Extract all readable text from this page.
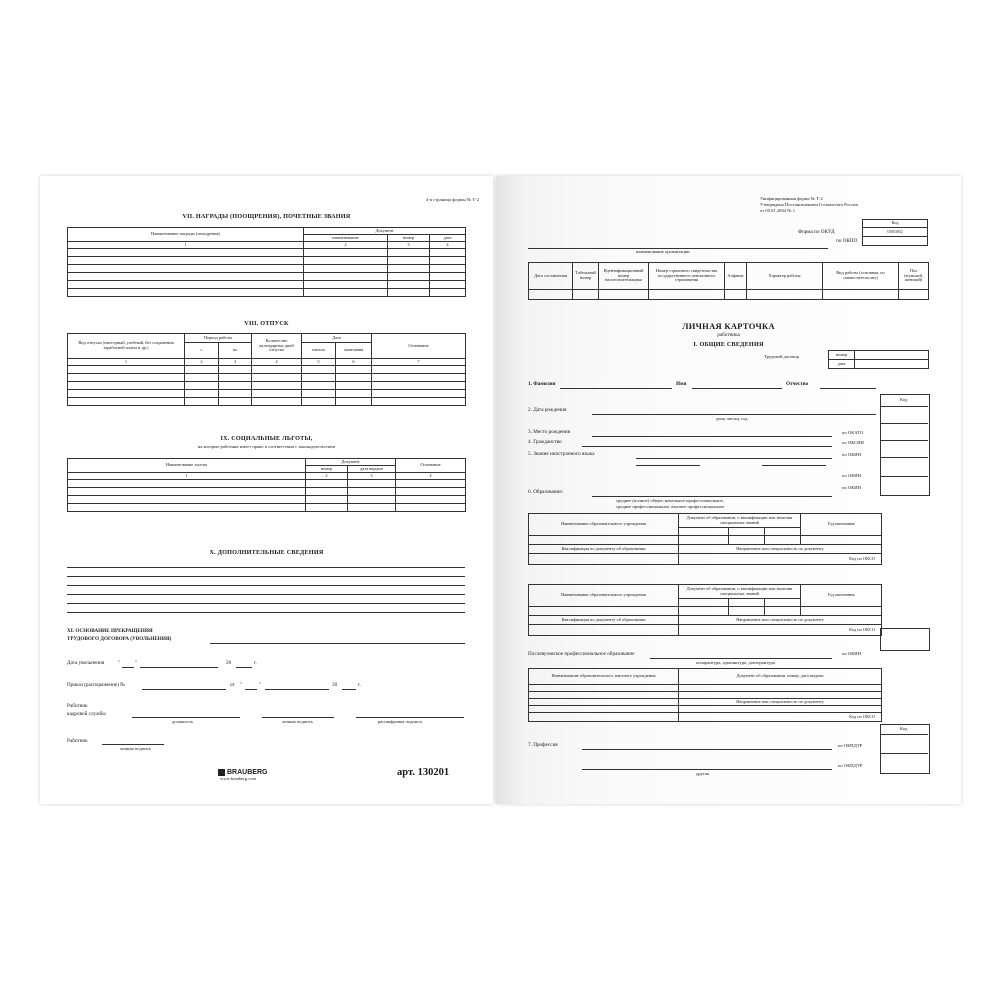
4-я страница формы № Т-2
VII. НАГРАДЫ (ПООЩРЕНИЯ), ПОЧЕТНЫЕ ЗВАНИЯ
Наименование награды (поощрения)	Документ		
	наименование	номер	дата
1	2	3	4

VIII. ОТПУСК
Вид отпуска (ежегодный, учебный, без сохранения заработной платы и др.)	Период работы		Количество календарных дней отпуска	Дата		Основание
	с	по		начала	окончания	
1	2	3	4	5	6	7

IX. СОЦИАЛЬНЫЕ ЛЬГОТЫ,
на которые работник имеет право в соответствии с законодательством
Наименование льготы	Документ		Основание
	номер	дата выдачи	
1	2	3	4

X. ДОПОЛНИТЕЛЬНЫЕ СВЕДЕНИЯ
XI. ОСНОВАНИЕ ПРЕКРАЩЕНИЯ
ТРУДОВОГО ДОГОВОРА (УВОЛЬНЕНИЯ)
Дата увольнения	"	"	20	г.
Приказ (распоряжение) №	от "	"	20	г.
Работник
кадровой службы
должность	личная подпись	расшифровка подписи
Работник
личная подпись
BRAUBERG
www.brauberg.com
арт. 130201
Унифицированная форма № Т-2
Утверждена Постановлением Госкомстата России
от 05.01.2004 № 1
Код
0301002

Форма по ОКУД
по ОКПО
наименование организации
Дата составления	Табельный номер	Идентификационный номер налогоплательщика	Номер страхового свидетельства государственного пенсионного страхования	Алфавит	Характер работы	Вид работы (основная, по совместительству)	Пол (мужской, женский)

ЛИЧНАЯ КАРТОЧКА
работника
I. ОБЩИЕ СВЕДЕНИЯ
Трудовой договор	номер	
дата	
Код
1. Фамилия	Имя	Отчество
2. Дата рождения
день, месяц, год
3. Место рождения	по ОКАТО
4. Гражданство	по ОКСИН
5. Знание иностранного языка	по ОКИН
по ОКИН
6. Образование:
по ОКИН
среднее (полное) общее, начальное профессиональное,
среднее профессиональное, высшее профессиональное
Наименование образовательного учреждения	Документ об образовании, о квалификации или наличии специальных знаний			Год окончания

Квалификация по документу об образовании	Направление или специальность по документу			
	Код по ОКСО			
Наименование образовательного учреждения	Документ об образовании, о квалификации или наличии специальных знаний			Год окончания

Квалификация по документу об образовании	Направление или специальность по документу			
	Код по ОКСО			
Послевузовское профессиональное образование	по ОКИН
аспирантура, адъюнктура, докторантура
Наименование образовательного, научного учреждения	Документ об образовании, номер, дата выдачи

	Направление или специальность по документу

	Код по ОКСО
Код
7. Профессия	по ОКПДТР
по ОКПДТР
другая
